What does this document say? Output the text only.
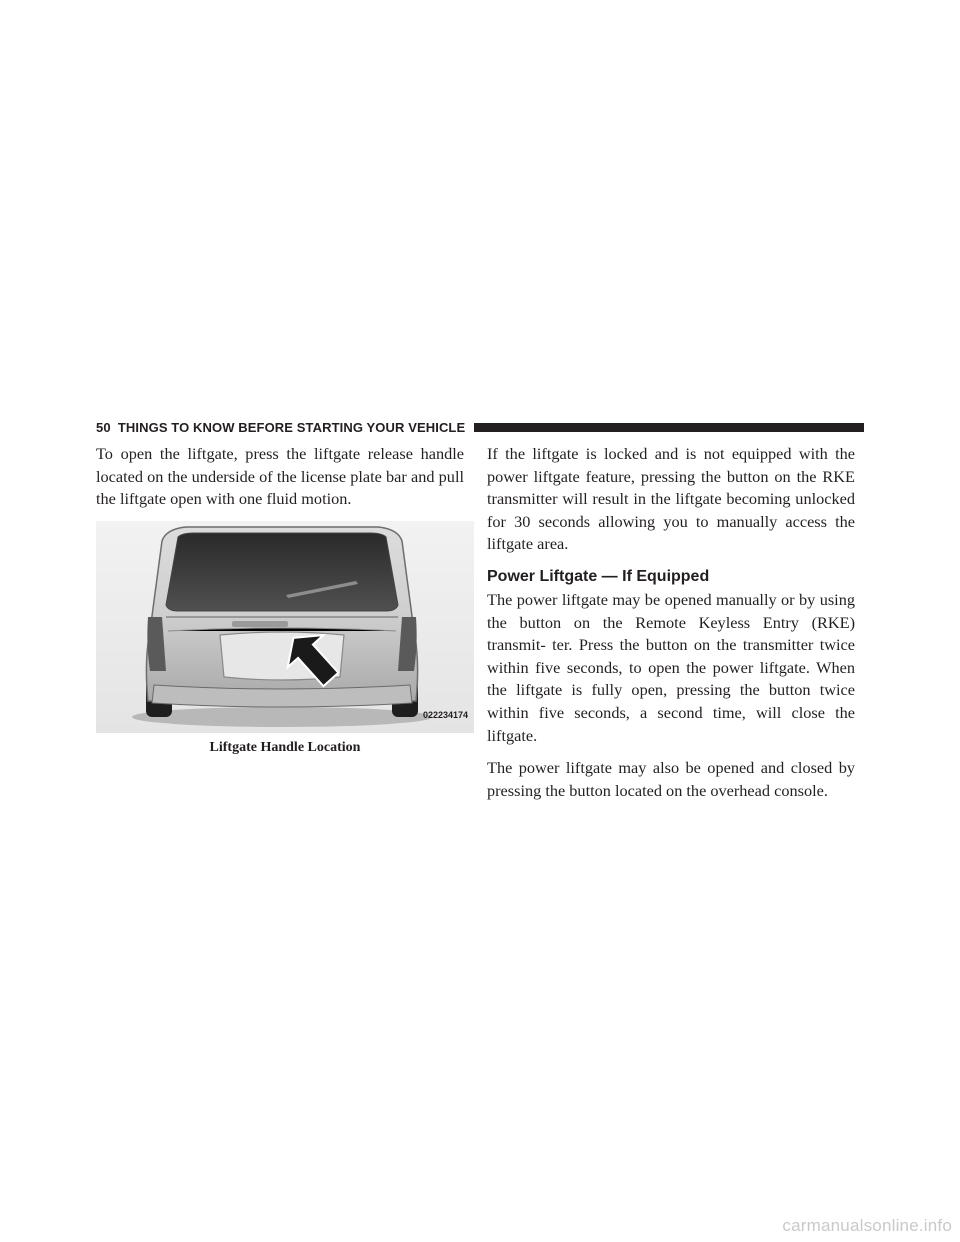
50 THINGS TO KNOW BEFORE STARTING YOUR VEHICLE

To open the liftgate, press the liftgate release handle located on the underside of the license plate bar and pull the liftgate open with one fluid motion.

022234174
Liftgate Handle Location

If the liftgate is locked and is not equipped with the power liftgate feature, pressing the button on the RKE transmitter will result in the liftgate becoming unlocked for 30 seconds allowing you to manually access the liftgate area.

Power Liftgate — If Equipped

The power liftgate may be opened manually or by using the button on the Remote Keyless Entry (RKE) transmit- ter. Press the button on the transmitter twice within five seconds, to open the power liftgate. When the liftgate is fully open, pressing the button twice within five seconds, a second time, will close the liftgate.

The power liftgate may also be opened and closed by pressing the button located on the overhead console.

carmanualsonline.info
